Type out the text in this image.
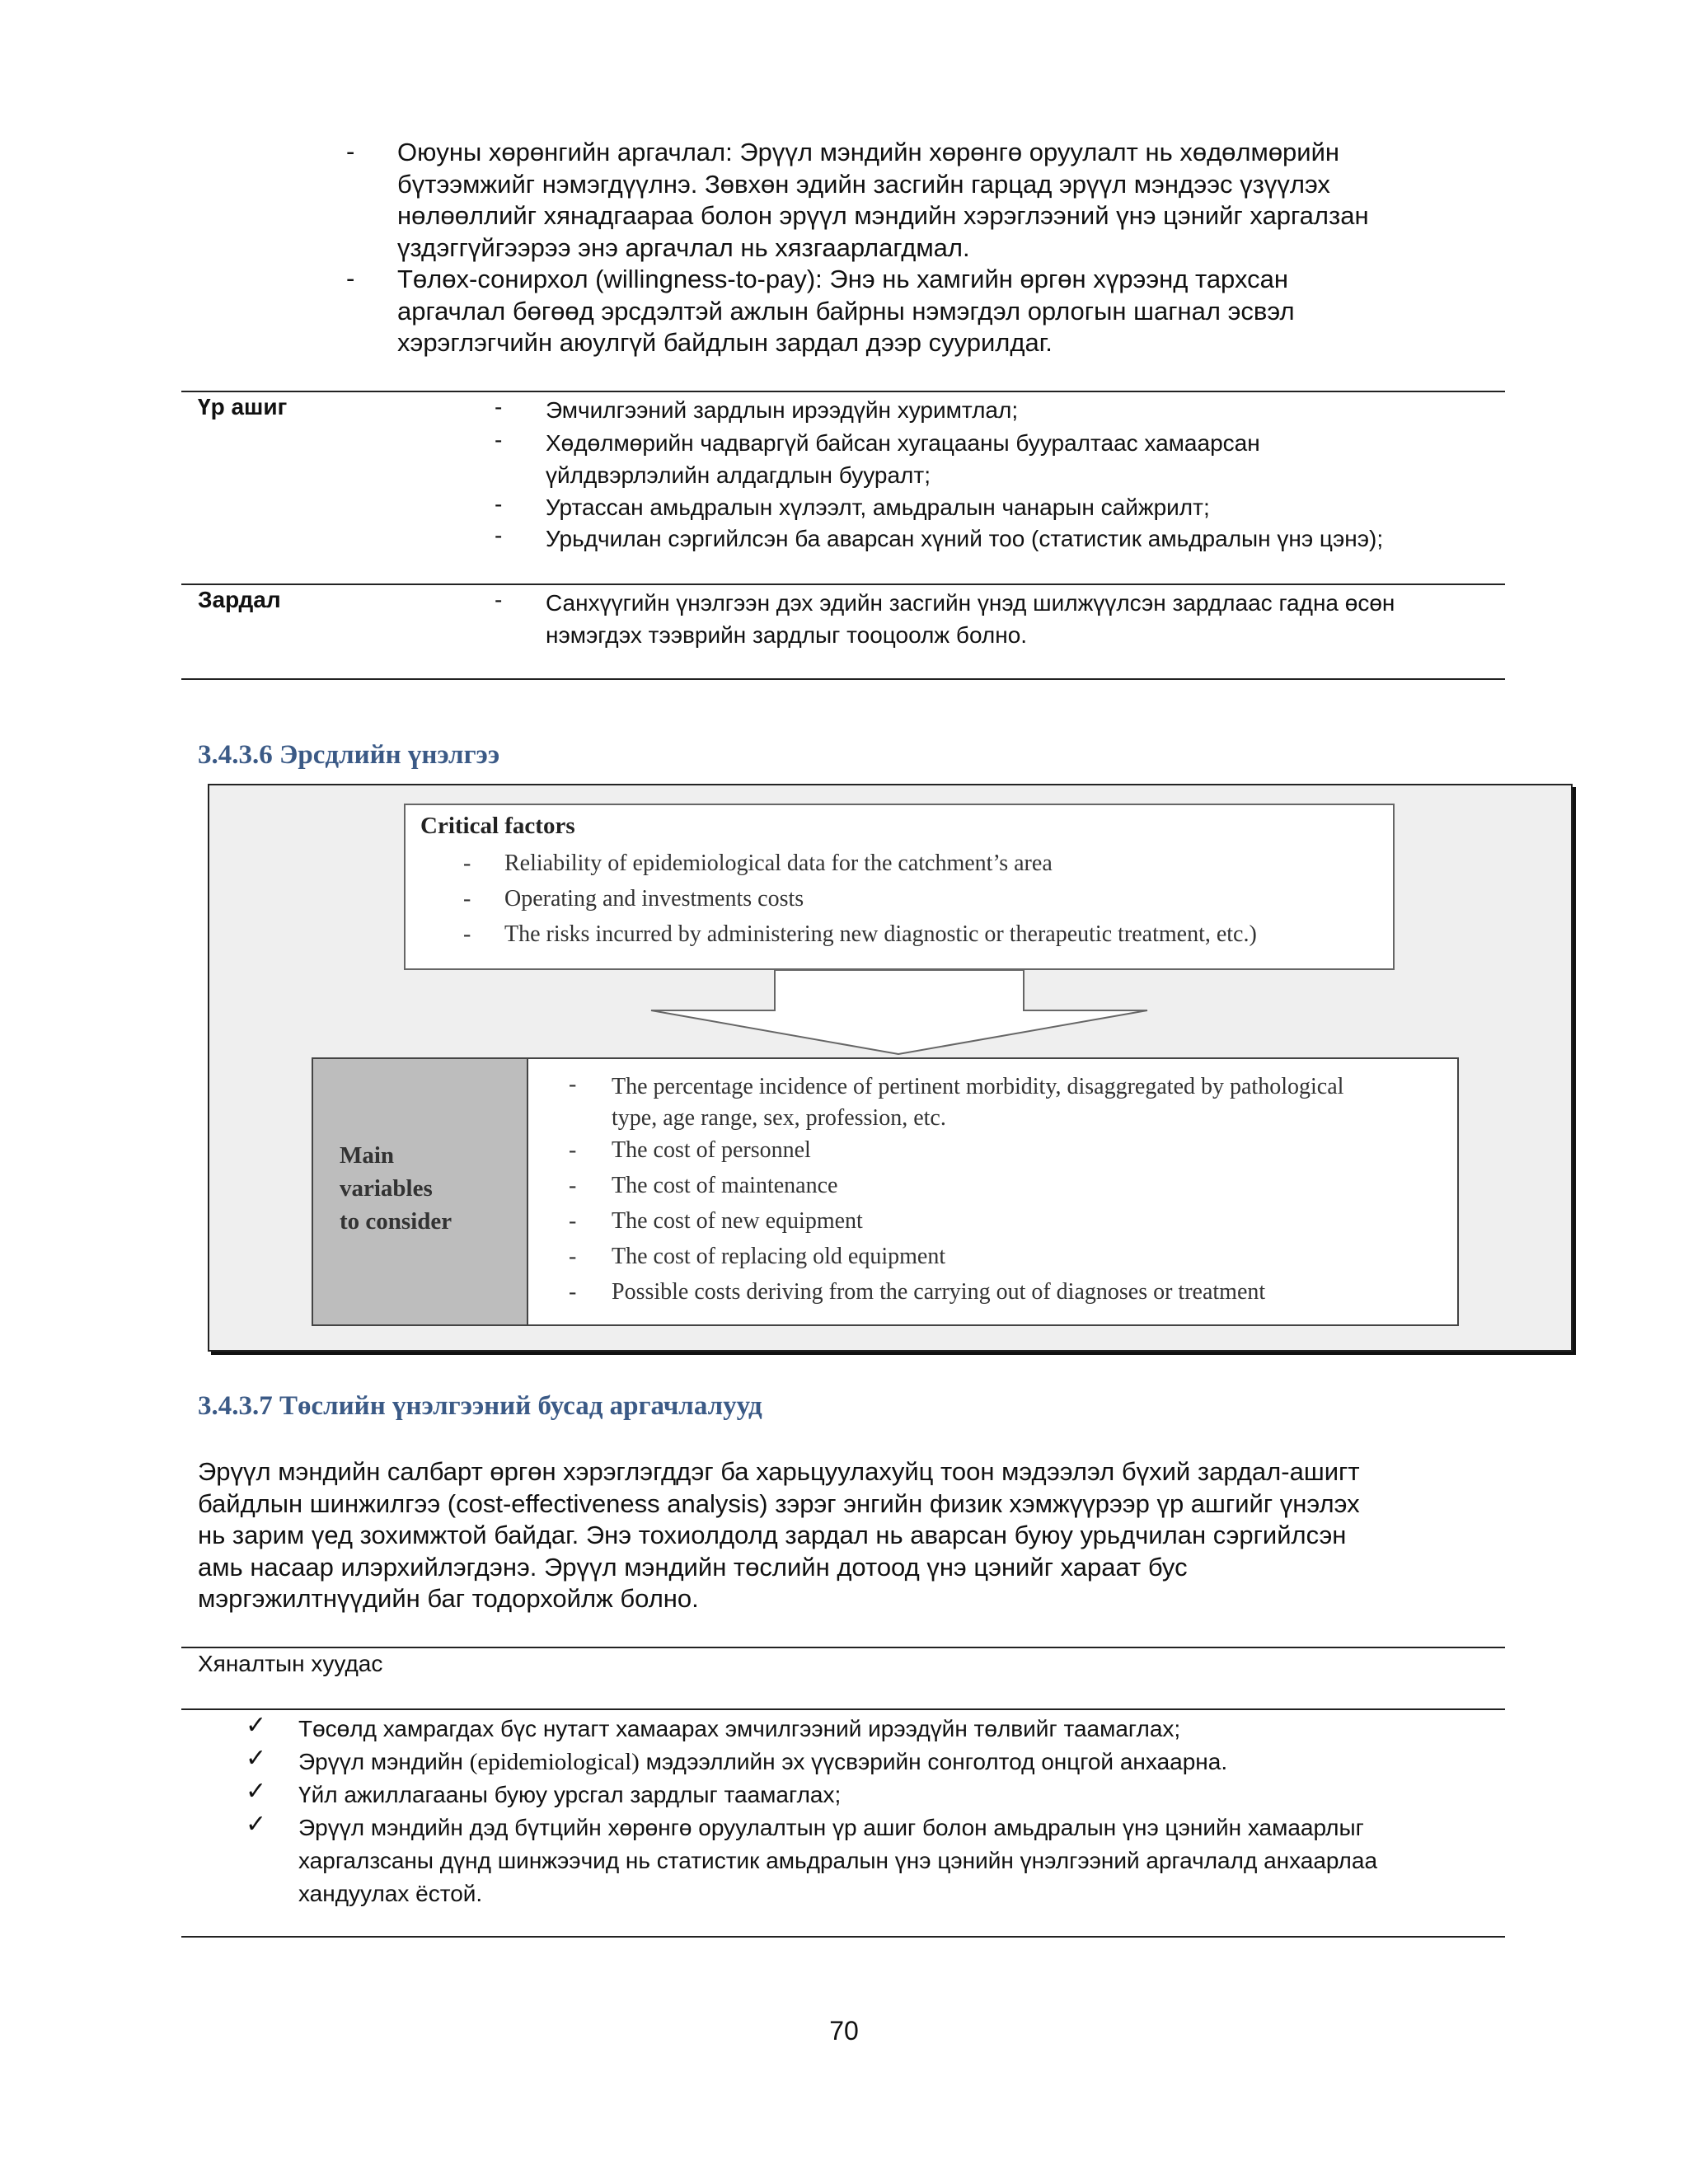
- Оюуны хөрөнгийн аргачлал: Эрүүл мэндийн хөрөнгө оруулалт нь хөдөлмөрийн
бүтээмжийг нэмэгдүүлнэ. Зөвхөн эдийн засгийн гарцад эрүүл мэндээс үзүүлэх
нөлөөллийг хянадгаараа болон эрүүл мэндийн хэрэглээний үнэ цэнийг харгалзан
үздэггүйгээрээ энэ аргачлал нь хязгаарлагдмал.
- Төлөх-сонирхол (willingness-to-pay): Энэ нь хамгийн өргөн хүрээнд тархсан
аргачлал бөгөөд эрсдэлтэй ажлын байрны нэмэгдэл орлогын шагнал эсвэл
хэрэглэгчийн аюулгүй байдлын зардал дээр суурилдаг.
Үр ашиг	- Эмчилгээний зардлын ирээдүйн хуримтлал;
- Хөдөлмөрийн чадваргүй байсан хугацааны бууралтаас хамаарсан
үйлдвэрлэлийн алдагдлын бууралт;
- Уртассан амьдралын хүлээлт, амьдралын чанарын сайжрилт;
- Урьдчилан сэргийлсэн ба аварсан хүний тоо (статистик амьдралын үнэ цэнэ);
Зардал	- Санхүүгийн үнэлгээн дэх эдийн засгийн үнэд шилжүүлсэн зардлаас гадна өсөн
нэмэгдэх тээврийн зардлыг тооцоолж болно.
3.4.3.6 Эрсдлийн үнэлгээ
Critical factors
- Reliability of epidemiological data for the catchment’s area
- Operating and investments costs
- The risks incurred by administering new diagnostic or therapeutic treatment, etc.)
Main
variables
to consider
- The percentage incidence of pertinent morbidity, disaggregated by pathological
type, age range, sex, profession, etc.
- The cost of personnel
- The cost of maintenance
- The cost of new equipment
- The cost of replacing old equipment
- Possible costs deriving from the carrying out of diagnoses or treatment
3.4.3.7 Төслийн үнэлгээний бусад аргачлалууд
Эрүүл мэндийн салбарт өргөн хэрэглэгддэг ба харьцуулахуйц тоон мэдээлэл бүхий зардал-ашигт
байдлын шинжилгээ (cost-effectiveness analysis) зэрэг энгийн физик хэмжүүрээр үр ашгийг үнэлэх
нь зарим үед зохимжтой байдаг. Энэ тохиолдолд зардал нь аварсан буюу урьдчилан сэргийлсэн
амь насаар илэрхийлэгдэнэ. Эрүүл мэндийн төслийн дотоод үнэ цэнийг хараат бус
мэргэжилтнүүдийн баг тодорхойлж болно.
Хяналтын хуудас
✓ Төсөлд хамрагдах бүс нутагт хамаарах эмчилгээний ирээдүйн төлвийг таамаглах;
✓ Эрүүл мэндийн (epidemiological) мэдээллийн эх үүсвэрийн сонголтод онцгой анхаарна.
✓ Үйл ажиллагааны буюу урсгал зардлыг таамаглах;
✓ Эрүүл мэндийн дэд бүтцийн хөрөнгө оруулалтын үр ашиг болон амьдралын үнэ цэнийн хамаарлыг
харгалзсаны дүнд шинжээчид нь статистик амьдралын үнэ цэнийн үнэлгээний аргачлалд анхаарлаа
хандуулах ёстой.
70
